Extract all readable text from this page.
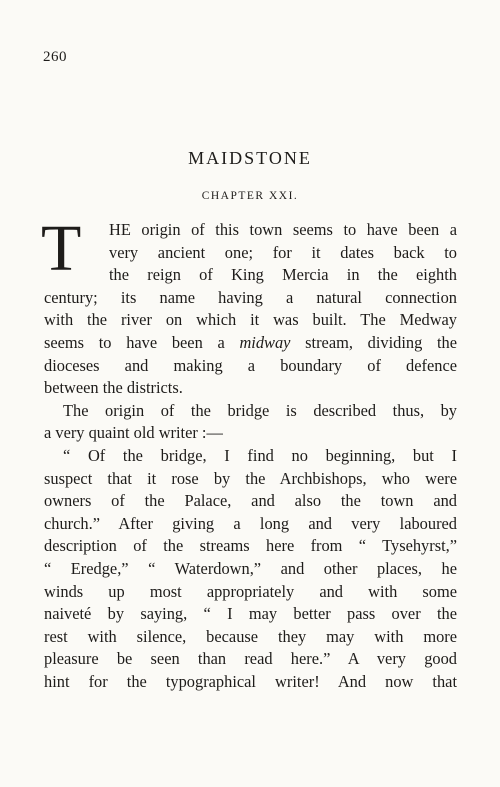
260
MAIDSTONE
CHAPTER XXI.
T	HE origin of this town seems to have been a
very ancient one; for it dates back to
the reign of King Mercia in the eighth
century; its name having a natural connection
with the river on which it was built. The Medway
seems to have been a midway stream, dividing the
dioceses and making a boundary of defence
between the districts.
The origin of the bridge is described thus, by
a very quaint old writer :—
“ Of the bridge, I find no beginning, but I
suspect that it rose by the Archbishops, who were
owners of the Palace, and also the town and
church.” After giving a long and very laboured
description of the streams here from “ Tysehyrst,”
“ Eredge,” “ Waterdown,” and other places, he
winds up most appropriately and with some
naiveté by saying, “ I may better pass over the
rest with silence, because they may with more
pleasure be seen than read here.” A very good
hint for the typographical writer! And now that
